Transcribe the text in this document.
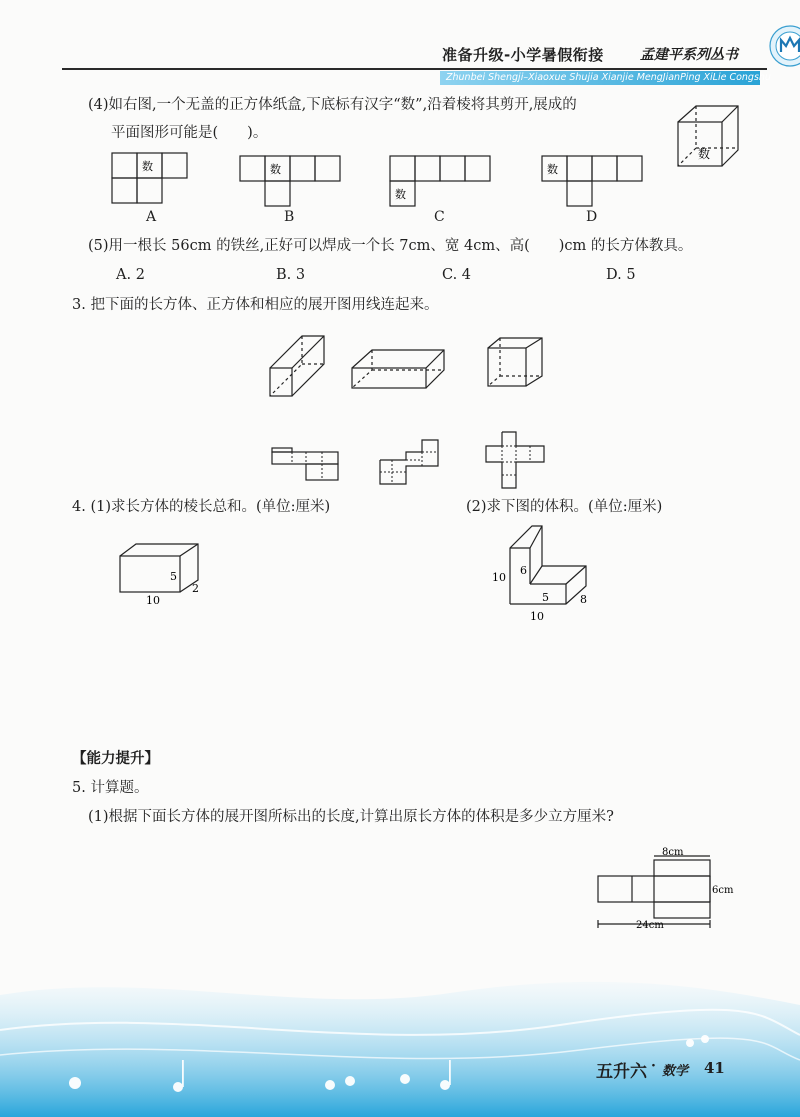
准备升级-小学暑假衔接	孟建平系列丛书
Zhunbei Shengji–Xiaoxue Shujia Xianjie MengJianPing XiLie Congshu
(4)如右图,一个无盖的正方体纸盒,下底标有汉字“数”,沿着棱将其剪开,展成的
平面图形可能是(　　)。
数
数
A
数
B
数
C
数
D
(5)用一根长 56cm 的铁丝,正好可以焊成一个长 7cm、宽 4cm、高(　　)cm 的长方体教具。
A. 2	B. 3	C. 4	D. 5
3. 把下面的长方体、正方体和相应的展开图用线连起来。
4. (1)求长方体的棱长总和。(单位:厘米)	(2)求下图的体积。(单位:厘米)
5
2
10
10
6
5	8
10
【能力提升】
5. 计算题。
(1)根据下面长方体的展开图所标出的长度,计算出原长方体的体积是多少立方厘米?
8cm
6cm
24cm
五升六 · 数学 41
